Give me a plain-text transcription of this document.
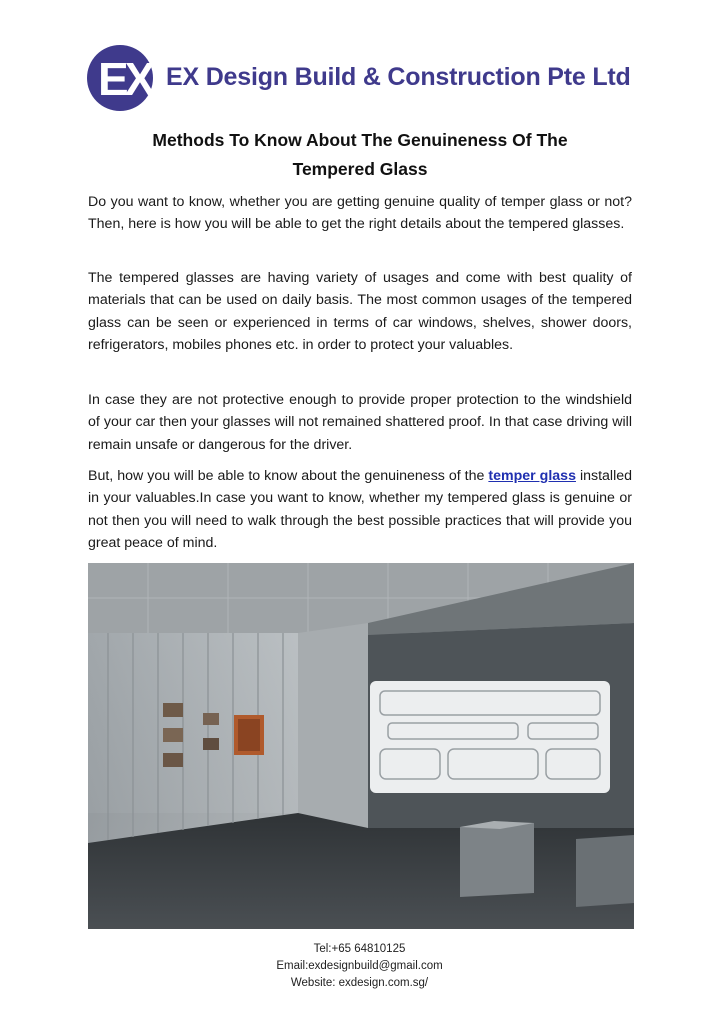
EX EX Design Build & Construction Pte Ltd
Methods To Know About The Genuineness Of The
Tempered Glass
Do you want to know, whether you are getting genuine quality of temper glass or not? Then, here is how you will be able to get the right details about the tempered glasses.
The tempered glasses are having variety of usages and come with best quality of materials that can be used on daily basis. The most common usages of the tempered glass can be seen or experienced in terms of car windows, shelves, shower doors, refrigerators, mobiles phones etc. in order to protect your valuables.
In case they are not protective enough to provide proper protection to the windshield of your car then your glasses will not remained shattered proof. In that case driving will remain unsafe or dangerous for the driver.
But, how you will be able to know about the genuineness of the temper glass installed in your valuables.In case you want to know, whether my tempered glass is genuine or not then you will need to walk through the best possible practices that will provide you great peace of mind.
Tel:+65 64810125
Email:exdesignbuild@gmail.com
Website: exdesign.com.sg/
